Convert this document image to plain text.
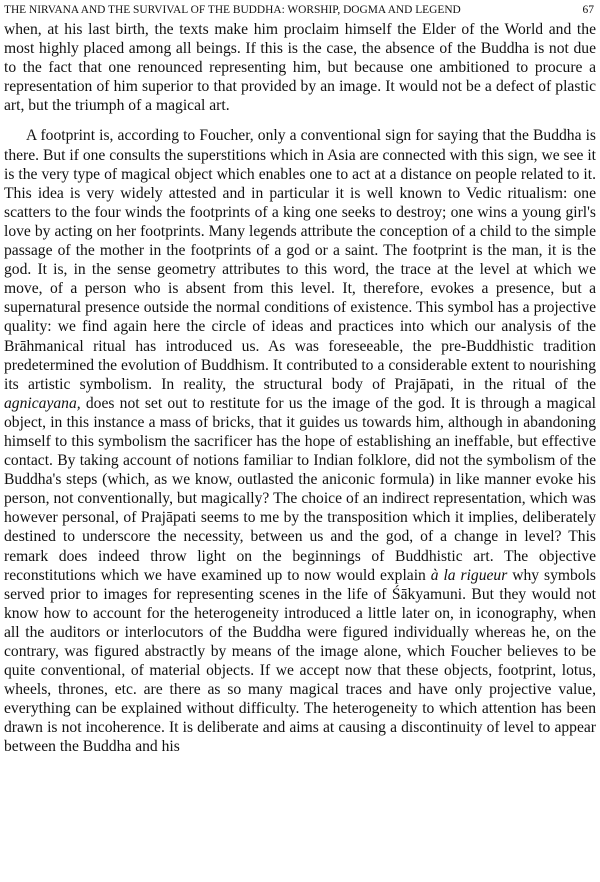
THE NIRVANA AND THE SURVIVAL OF THE BUDDHA: WORSHIP, DOGMA AND LEGEND	67

when, at his last birth, the texts make him proclaim himself the Elder of the World and the most highly placed among all beings. If this is the case, the absence of the Buddha is not due to the fact that one renounced representing him, but because one ambitioned to procure a representation of him superior to that provided by an image. It would not be a defect of plastic art, but the triumph of a magical art.

A footprint is, according to Foucher, only a conventional sign for saying that the Buddha is there. But if one consults the superstitions which in Asia are connected with this sign, we see it is the very type of magical object which enables one to act at a distance on people related to it. This idea is very widely attested and in particular it is well known to Vedic ritualism: one scatters to the four winds the footprints of a king one seeks to destroy; one wins a young girl's love by acting on her footprints. Many legends attribute the conception of a child to the simple passage of the mother in the footprints of a god or a saint. The footprint is the man, it is the god. It is, in the sense geometry attributes to this word, the trace at the level at which we move, of a person who is absent from this level. It, therefore, evokes a presence, but a supernatural presence outside the normal conditions of existence. This symbol has a projective quality: we find again here the circle of ideas and practices into which our analysis of the Brāhmanical ritual has introduced us. As was foreseeable, the pre-Buddhistic tradition predetermined the evolution of Buddhism. It contributed to a considerable extent to nourishing its artistic symbolism. In reality, the structural body of Prajāpati, in the ritual of the agnicayana, does not set out to restitute for us the image of the god. It is through a magical object, in this instance a mass of bricks, that it guides us towards him, although in abandoning himself to this symbolism the sacrificer has the hope of establishing an ineffable, but effective contact. By taking account of notions familiar to Indian folklore, did not the symbolism of the Buddha's steps (which, as we know, outlasted the aniconic formula) in like manner evoke his person, not conventionally, but magically? The choice of an indirect representation, which was however personal, of Prajāpati seems to me by the transposition which it implies, deliberately destined to underscore the necessity, between us and the god, of a change in level? This remark does indeed throw light on the beginnings of Buddhistic art. The objective reconstitutions which we have examined up to now would explain à la rigueur why symbols served prior to images for representing scenes in the life of Śākyamuni. But they would not know how to account for the heterogeneity introduced a little later on, in iconography, when all the auditors or interlocutors of the Buddha were figured individually whereas he, on the contrary, was figured abstractly by means of the image alone, which Foucher believes to be quite conventional, of material objects. If we accept now that these objects, footprint, lotus, wheels, thrones, etc. are there as so many magical traces and have only projective value, everything can be explained without difficulty. The heterogeneity to which attention has been drawn is not incoherence. It is deliberate and aims at causing a discontinuity of level to appear between the Buddha and his
